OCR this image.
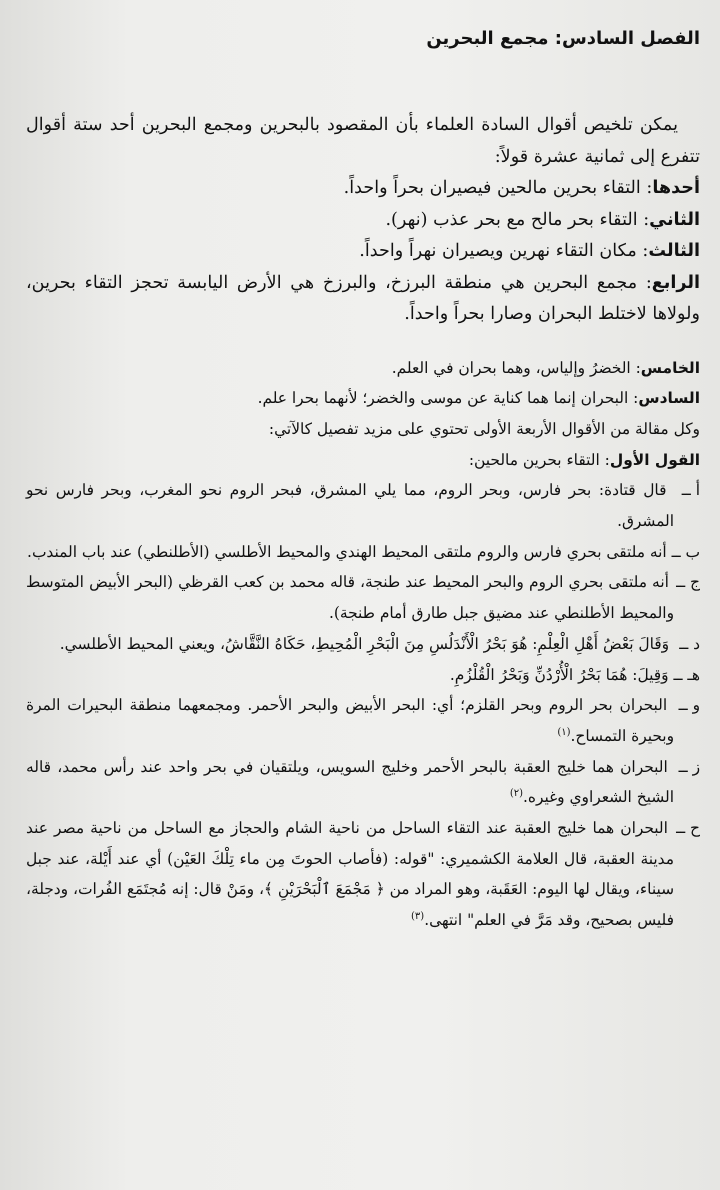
الفصل السادس: مجمع البحرين

يمكن تلخيص أقوال السادة العلماء بأن المقصود بالبحرين ومجمع البحرين أحد ستة أقوال تتفرع إلى ثمانية عشرة قولاً:

أحدها: التقاء بحرين مالحين فيصيران بحراً واحداً.

الثاني: التقاء بحر مالح مع بحر عذب (نهر).

الثالث: مكان التقاء نهرين ويصيران نهراً واحداً.

الرابع: مجمع البحرين هي منطقة البرزخ، والبرزخ هي الأرض اليابسة تحجز التقاء بحرين، ولولاها لاختلط البحران وصارا بحراً واحداً.

الخامس: الخضرُ وإلياس، وهما بحران في العلم.

السادس: البحران إنما هما كناية عن موسى والخضر؛ لأنهما بحرا علم.

وكل مقالة من الأقوال الأربعة الأولى تحتوي على مزيد تفصيل كالآتي:

القول الأول: التقاء بحرين مالحين:

أ ــ قال قتادة: بحر فارس، وبحر الروم، مما يلي المشرق، فبحر الروم نحو المغرب، وبحر فارس نحو المشرق.

ب ــ أنه ملتقى بحري فارس والروم ملتقى المحيط الهندي والمحيط الأطلسي (الأطلنطي) عند باب المندب.

ج ــ أنه ملتقى بحري الروم والبحر المحيط عند طنجة، قاله محمد بن كعب القرظي (البحر الأبيض المتوسط والمحيط الأطلنطي عند مضيق جبل طارق أمام طنجة).

د ــ وَقَالَ بَعْضُ أَهْلِ الْعِلْمِ: هُوَ بَحْرُ الْأَنْدَلُسِ مِنَ الْبَحْرِ الْمُحِيطِ، حَكَاهُ النَّقَّاشُ، ويعني المحيط الأطلسي.

هـ ــ وَقِيلَ: هُمَا بَحْرُ الْأُرْدُنِّ وَبَحْرُ الْقُلْزُمِ.

و ــ البحران بحر الروم وبحر القلزم؛ أي: البحر الأبيض والبحر الأحمر. ومجمعهما منطقة البحيرات المرة وبحيرة التمساح.$^{(١)}$

ز ــ البحران هما خليج العقبة بالبحر الأحمر وخليج السويس، ويلتقيان في بحر واحد عند رأس محمد، قاله الشيخ الشعراوي وغيره.$^{(٢)}$

ح ــ البحران هما خليج العقبة عند التقاء الساحل من ناحية الشام والحجاز مع الساحل من ناحية مصر عند مدينة العقبة، قال العلامة الكشميري: "قوله: (فأصاب الحوتَ مِن ماء تِلْكَ العَيْن) أي عند أَيْلة، عند جبل سيناء، ويقال لها اليوم: العَقَبة، وهو المراد من ﴿ مَجْمَعَ ٱلْبَحْرَيْنِ ﴾، ومَنْ قال: إنه مُجتَمَع الفُرات، ودجلة، فليس بصحيح، وقد مَرَّ في العلم" انتهى.$^{(٣)}$
